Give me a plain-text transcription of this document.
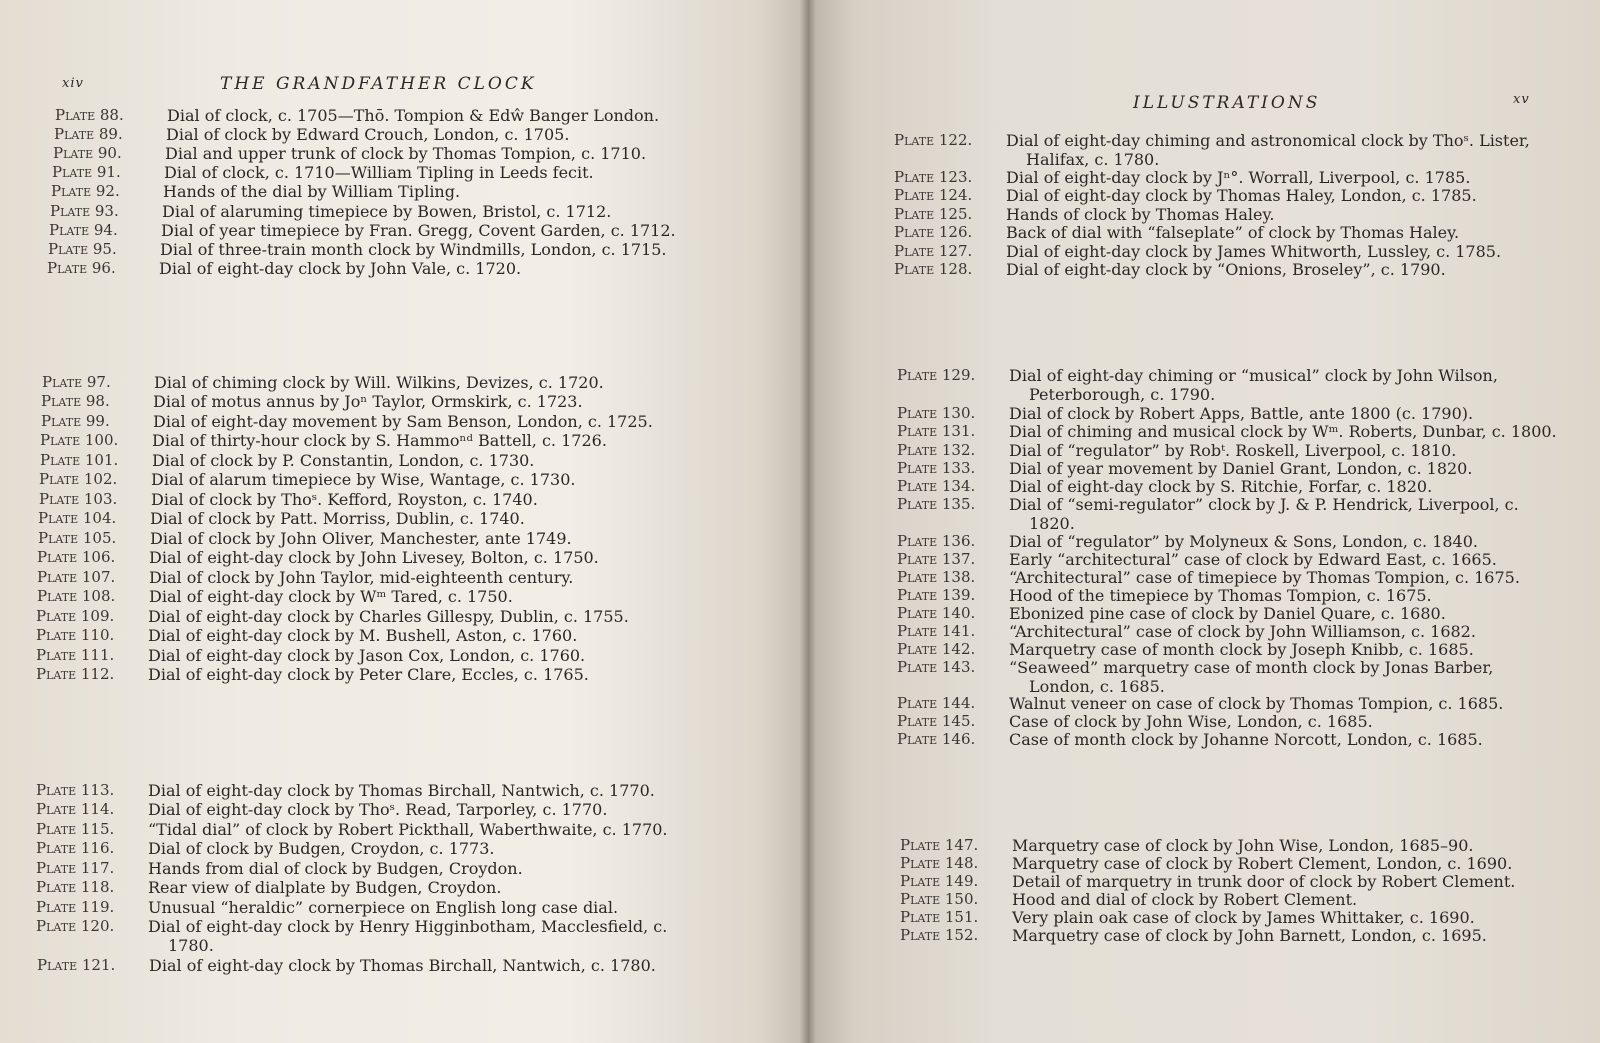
xiv	THE GRANDFATHER CLOCK
Plate 88.	Dial of clock, c. 1705—Thō. Tompion & Edŵ Banger London.
Plate 89.	Dial of clock by Edward Crouch, London, c. 1705.
Plate 90.	Dial and upper trunk of clock by Thomas Tompion, c. 1710.
Plate 91.	Dial of clock, c. 1710—William Tipling in Leeds fecit.
Plate 92.	Hands of the dial by William Tipling.
Plate 93.	Dial of alaruming timepiece by Bowen, Bristol, c. 1712.
Plate 94.	Dial of year timepiece by Fran. Gregg, Covent Garden, c. 1712.
Plate 95.	Dial of three-train month clock by Windmills, London, c. 1715.
Plate 96.	Dial of eight-day clock by John Vale, c. 1720.
Plate 97.	Dial of chiming clock by Will. Wilkins, Devizes, c. 1720.
Plate 98.	Dial of motus annus by Joⁿ Taylor, Ormskirk, c. 1723.
Plate 99.	Dial of eight-day movement by Sam Benson, London, c. 1725.
Plate 100.	Dial of thirty-hour clock by S. Hammoⁿᵈ Battell, c. 1726.
Plate 101.	Dial of clock by P. Constantin, London, c. 1730.
Plate 102.	Dial of alarum timepiece by Wise, Wantage, c. 1730.
Plate 103.	Dial of clock by Thoˢ. Kefford, Royston, c. 1740.
Plate 104.	Dial of clock by Patt. Morriss, Dublin, c. 1740.
Plate 105.	Dial of clock by John Oliver, Manchester, ante 1749.
Plate 106.	Dial of eight-day clock by John Livesey, Bolton, c. 1750.
Plate 107.	Dial of clock by John Taylor, mid-eighteenth century.
Plate 108.	Dial of eight-day clock by Wᵐ Tared, c. 1750.
Plate 109.	Dial of eight-day clock by Charles Gillespy, Dublin, c. 1755.
Plate 110.	Dial of eight-day clock by M. Bushell, Aston, c. 1760.
Plate 111.	Dial of eight-day clock by Jason Cox, London, c. 1760.
Plate 112.	Dial of eight-day clock by Peter Clare, Eccles, c. 1765.
Plate 113.	Dial of eight-day clock by Thomas Birchall, Nantwich, c. 1770.
Plate 114.	Dial of eight-day clock by Thoˢ. Read, Tarporley, c. 1770.
Plate 115.	“Tidal dial” of clock by Robert Pickthall, Waberthwaite, c. 1770.
Plate 116.	Dial of clock by Budgen, Croydon, c. 1773.
Plate 117.	Hands from dial of clock by Budgen, Croydon.
Plate 118.	Rear view of dialplate by Budgen, Croydon.
Plate 119.	Unusual “heraldic” cornerpiece on English long case dial.
Plate 120.	Dial of eight-day clock by Henry Higginbotham, Macclesfield, c. 1780.
Plate 121.	Dial of eight-day clock by Thomas Birchall, Nantwich, c. 1780.
ILLUSTRATIONS	xv
Plate 122.	Dial of eight-day chiming and astronomical clock by Thoˢ. Lister, Halifax, c. 1780.
Plate 123.	Dial of eight-day clock by Jⁿ°. Worrall, Liverpool, c. 1785.
Plate 124.	Dial of eight-day clock by Thomas Haley, London, c. 1785.
Plate 125.	Hands of clock by Thomas Haley.
Plate 126.	Back of dial with “falseplate” of clock by Thomas Haley.
Plate 127.	Dial of eight-day clock by James Whitworth, Lussley, c. 1785.
Plate 128.	Dial of eight-day clock by “Onions, Broseley”, c. 1790.
Plate 129.	Dial of eight-day chiming or “musical” clock by John Wilson, Peterborough, c. 1790.
Plate 130.	Dial of clock by Robert Apps, Battle, ante 1800 (c. 1790).
Plate 131.	Dial of chiming and musical clock by Wᵐ. Roberts, Dunbar, c. 1800.
Plate 132.	Dial of “regulator” by Robᵗ. Roskell, Liverpool, c. 1810.
Plate 133.	Dial of year movement by Daniel Grant, London, c. 1820.
Plate 134.	Dial of eight-day clock by S. Ritchie, Forfar, c. 1820.
Plate 135.	Dial of “semi-regulator” clock by J. & P. Hendrick, Liverpool, c. 1820.
Plate 136.	Dial of “regulator” by Molyneux & Sons, London, c. 1840.
Plate 137.	Early “architectural” case of clock by Edward East, c. 1665.
Plate 138.	“Architectural” case of timepiece by Thomas Tompion, c. 1675.
Plate 139.	Hood of the timepiece by Thomas Tompion, c. 1675.
Plate 140.	Ebonized pine case of clock by Daniel Quare, c. 1680.
Plate 141.	“Architectural” case of clock by John Williamson, c. 1682.
Plate 142.	Marquetry case of month clock by Joseph Knibb, c. 1685.
Plate 143.	“Seaweed” marquetry case of month clock by Jonas Barber, London, c. 1685.
Plate 144.	Walnut veneer on case of clock by Thomas Tompion, c. 1685.
Plate 145.	Case of clock by John Wise, London, c. 1685.
Plate 146.	Case of month clock by Johanne Norcott, London, c. 1685.
Plate 147.	Marquetry case of clock by John Wise, London, 1685–90.
Plate 148.	Marquetry case of clock by Robert Clement, London, c. 1690.
Plate 149.	Detail of marquetry in trunk door of clock by Robert Clement.
Plate 150.	Hood and dial of clock by Robert Clement.
Plate 151.	Very plain oak case of clock by James Whittaker, c. 1690.
Plate 152.	Marquetry case of clock by John Barnett, London, c. 1695.
